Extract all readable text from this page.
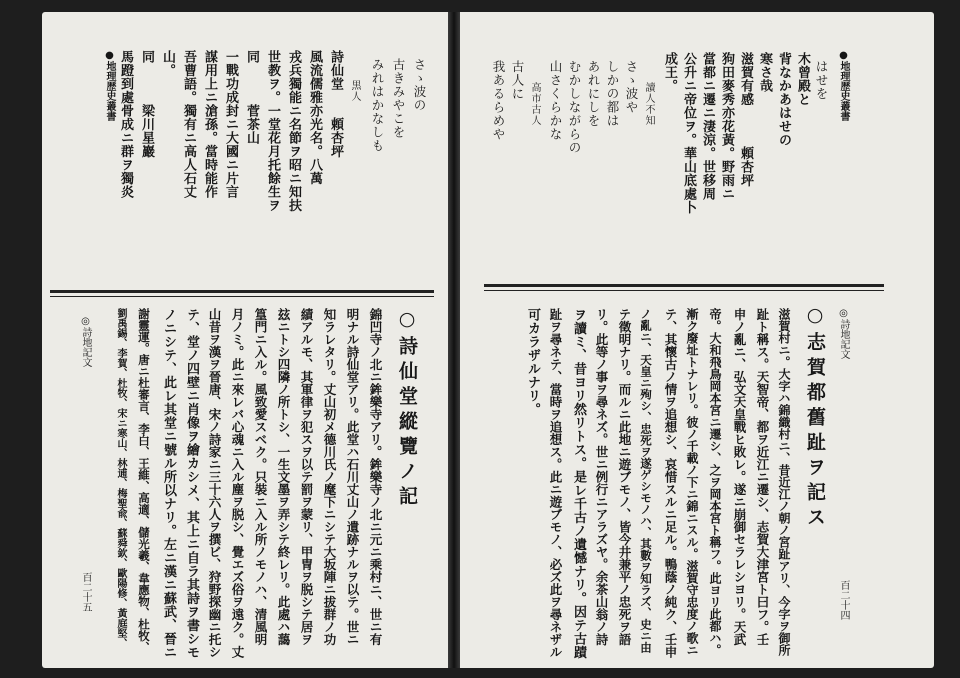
●地理歴史叢書	さゝ波の
古きみやこを
みれはかなしも
黒人
詩仙堂　　頼杏坪
風流儒雅亦光名。八萬
戎兵獨能ニ名節ヲ昭ニ知扶
世教ヲ。一堂花月托餘生ヲ
同　　　菅茶山
一戰功成封ニ大國ニ片言
謀用上ニ滄孫。當時能作
吾曹語。獨有ニ高人石丈
山。
同　　　梁川星巖
馬蹬到處骨成ニ群ヲ獨炎
○詩仙堂縱覽ノ記
錦凹寺ノ北ニ鉾樂寺アリ。鉾樂寺ノ北ニ元ニ乘村ニ、世ニ有
明ナル詩仙堂アリ。此堂ハ石川丈山ノ遺跡ナルヲ以テ。世ニ
知ラレタリ。丈山初メ德川氏ノ麾下ニシテ大坂陣ニ拔群ノ功
績アルモ、其軍律ヲ犯スヲ以テ罰ヲ蒙リ、甲冑ヲ脱シテ居ヲ
玆ニトシ四隣ノ所トシ、一生文墨ヲ弄シテ終レリ。此處ハ藹
篁門ニ入ル。風致愛スベク。只裝ニ入ル所ノモノハ、清風明
月ノミ。此ニ來レバ心魂ニ入ル塵ヲ脱シ、覺エズ俗ヲ遠ク。丈
山昔ヲ漢ヲ晉唐、宋ノ詩家ニ三十六人ヲ撰ビ、狩野探幽ニ托シ
テ、堂ノ四壁ニ肖像ヲ繪カシメ、其上ニ自ラ其詩ヲ書シモ
ノニシテ、此レ其堂ニ號ル所以ナリ。左ニ漢ニ蘇武、晉ニ
謝靈運。唐ニ杜審言、李白、王維、高適、儲光羲、韋應物、杜牧、
劉禹錫、李賀、杜牧、宋ニ寒山、林逋、梅聖兪、蘇舜欽、歐陽修、黃庭堅、
◎詩地記文
百二十五
●地理歴史叢書
はせを
木曾殿と
背なかあはせの
寒さ哉
滋賀有感　　　頼杏坪
狗田麥秀亦花黃。野雨ニ
當都ニ遷ニ淒涼。世移周
公升ニ帝位ヲ。華山底處卜
成王。
讀人不知
さゝ波や
しかの都は
あれにしを
むかしながらの
山さくらかな
高市古人
古人に
我あるらめや
○志賀都舊趾ヲ記ス
滋賀村ニ。大字ハ錦織村ニ、昔近江ノ朝ノ宮趾アリ、今字ヲ御所
趾ト稱ス。天智帝、都ヲ近江ニ遷シ、志賀大津宮ト曰フ。壬
申ノ亂ニ、弘文天皇戰ヒ敗レ。遂ニ崩御セラレシヨリ。天武
帝。大和飛鳥岡本宮ニ遷シ、之ヲ岡本宮ト稱フ。此ヨリ此都ハ。
漸ク廢址トナレリ。彼ノ千載ノ下ニ錦ニスル。滋賀守忠度ノ歌ニ
テ、其懷古ノ情ヲ追想シ、哀惜スルニ足ル。鴨蔭ノ純ク、壬申
ノ亂ニ、天皇ニ殉シ、忠死ヲ遂ゲシモノハ、其數ヲ知ラズ、史ニ由
テ徵明ナリ。而ルニ此地ニ遊ブモノ、皆今井兼平ノ忠死ヲ語
リ。此等ノ事ヲ尋ネズ。世ニ例行ニアラズヤ。余茶山翁ノ詩
ヲ讀ミ、昔ヨリ然リトス。是レ千古ノ遺憾ナリ。因テ古蹟
趾ヲ尋ネテ、當時ヲ追想ス。此ニ遊ブモノ、必ズ此ヲ尋ネザル
可カラザルナリ。	◎詩地記文
百二十四
